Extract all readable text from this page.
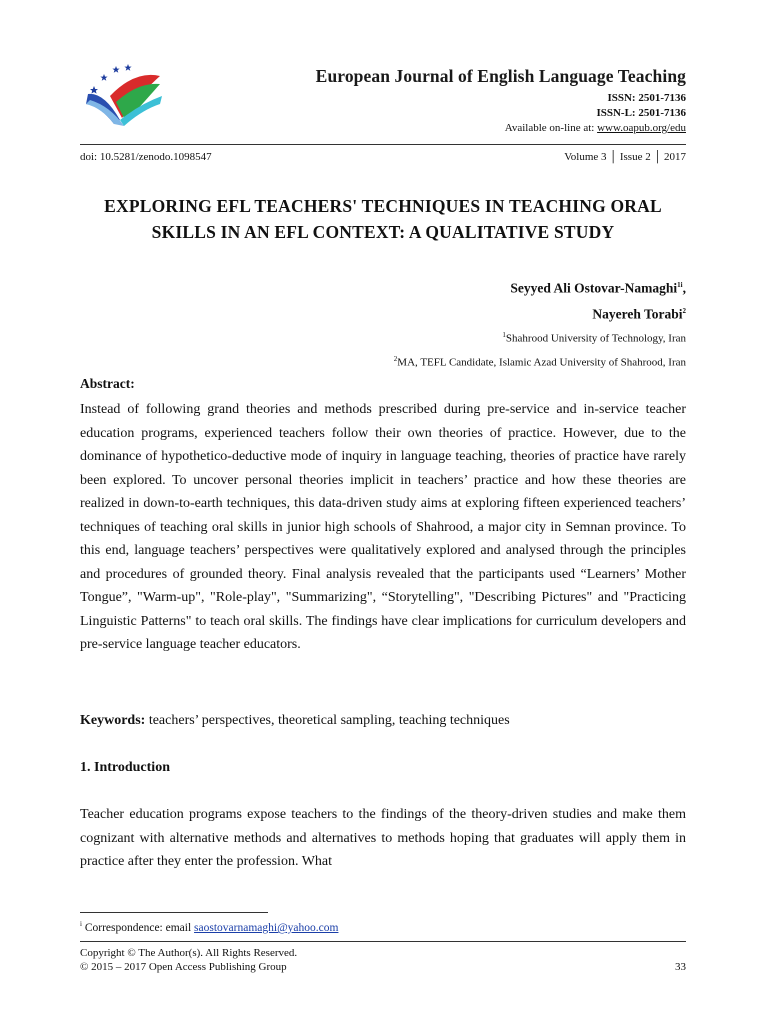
European Journal of English Language Teaching
ISSN: 2501-7136
ISSN-L: 2501-7136
Available on-line at: www.oapub.org/edu
doi: 10.5281/zenodo.1098547	Volume 3 │ Issue 2 │ 2017
EXPLORING EFL TEACHERS' TECHNIQUES IN TEACHING ORAL
SKILLS IN AN EFL CONTEXT: A QUALITATIVE STUDY
Seyyed Ali Ostovar-Namaghi$^{1i}$,
Nayereh Torabi$^2$
$^1$Shahrood University of Technology, Iran
$^2$MA, TEFL Candidate, Islamic Azad University of Shahrood, Iran
Abstract:
Instead of following grand theories and methods prescribed during pre-service and in-service teacher education programs, experienced teachers follow their own theories of practice. However, due to the dominance of hypothetico-deductive mode of inquiry in language teaching, theories of practice have rarely been explored. To uncover personal theories implicit in teachers’ practice and how these theories are realized in down-to-earth techniques, this data-driven study aims at exploring fifteen experienced teachers’ techniques of teaching oral skills in junior high schools of Shahrood, a major city in Semnan province. To this end, language teachers’ perspectives were qualitatively explored and analysed through the principles and procedures of grounded theory. Final analysis revealed that the participants used “Learners’ Mother Tongue”, "Warm-up", "Role-play", "Summarizing", “Storytelling", "Describing Pictures" and "Practicing Linguistic Patterns" to teach oral skills. The findings have clear implications for curriculum developers and pre-service language teacher educators.
Keywords: teachers’ perspectives, theoretical sampling, teaching techniques
1. Introduction
Teacher education programs expose teachers to the findings of the theory-driven studies and make them cognizant with alternative methods and alternatives to methods hoping that graduates will apply them in practice after they enter the profession. What
$^i$ Correspondence: email saostovarnamaghi@yahoo.com
Copyright © The Author(s). All Rights Reserved.
© 2015 – 2017 Open Access Publishing Group	33
